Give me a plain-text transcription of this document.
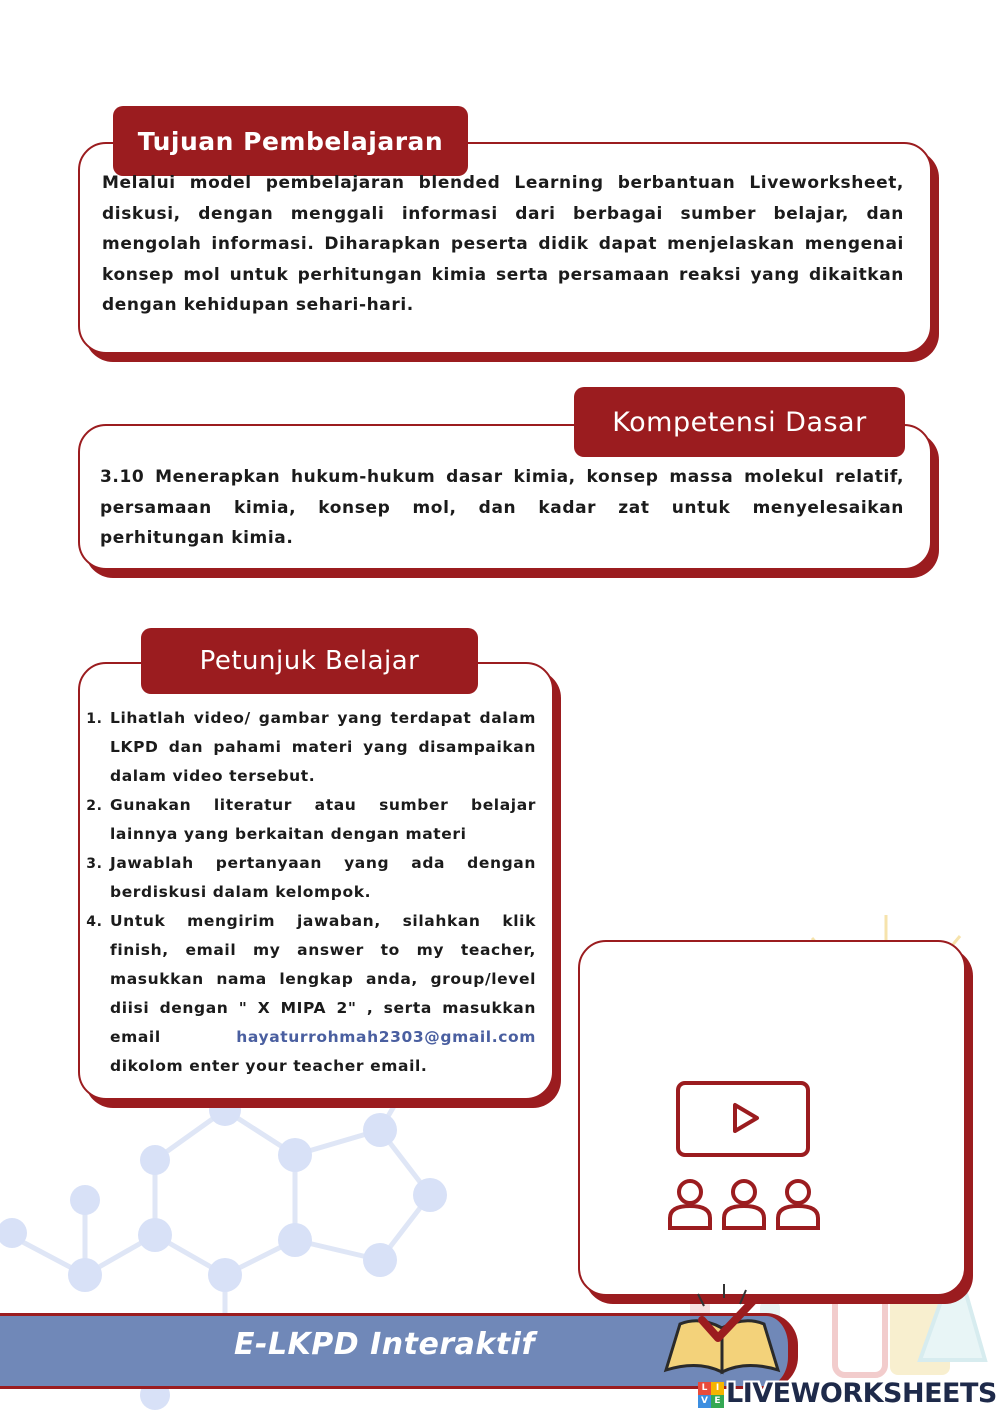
Tujuan Pembelajaran

Melalui model pembelajaran blended Learning berbantuan Liveworksheet, diskusi, dengan menggali informasi dari berbagai sumber belajar, dan mengolah informasi. Diharapkan peserta didik dapat menjelaskan mengenai konsep mol untuk perhitungan kimia serta persamaan reaksi yang dikaitkan dengan kehidupan sehari-hari.

Kompetensi Dasar

3.10 Menerapkan hukum-hukum dasar kimia, konsep massa molekul relatif, persamaan kimia, konsep mol, dan kadar zat untuk menyelesaikan perhitungan kimia.

Petunjuk Belajar
1. Lihatlah video/ gambar yang terdapat dalam LKPD dan pahami materi yang disampaikan dalam video tersebut.
2. Gunakan literatur atau sumber belajar lainnya yang berkaitan dengan materi
3. Jawablah pertanyaan yang ada dengan berdiskusi dalam kelompok.
4. Untuk mengirim jawaban, silahkan klik finish, email my answer to my teacher, masukkan nama lengkap anda, group/level diisi dengan " X MIPA 2" , serta masukkan email	hayaturrohmah2303@gmail.com dikolom enter your teacher email.
E-LKPD Interaktif
L I
V E LIVEWORKSHEETS
